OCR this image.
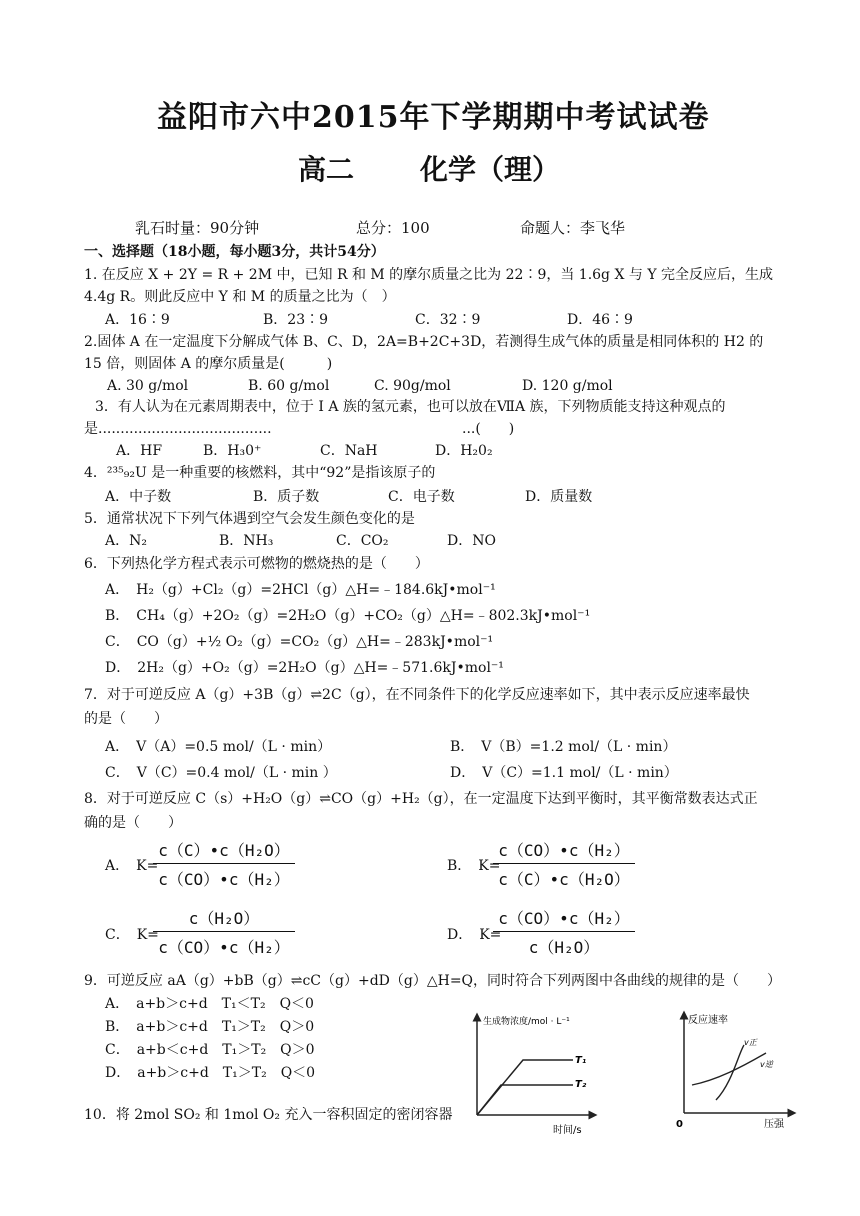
益阳市六中2015年下学期期中考试试卷
高二 化学（理）
乳石时量：90分钟	总分：100	命题人：李飞华
一、选择题（18小题，每小题3分，共计54分）
1. 在反应 X + 2Y = R + 2M 中，已知 R 和 M 的摩尔质量之比为 22∶9，当 1.6g X 与 Y 完全反应后，生成
4.4g R。则此反应中 Y 和 M 的质量之比为（　）
A．16∶9	B．23∶9	C．32∶9	D．46∶9
2.固体 A 在一定温度下分解成气体 B、C、D，2A=B+2C+3D，若测得生成气体的质量是相同体积的 H2 的
15 倍，则固体 A 的摩尔质量是(　　　)
A. 30 g/mol	B. 60 g/mol	C. 90g/mol	D. 120 g/mol
3．有人认为在元素周期表中，位于 I A 族的氢元素，也可以放在ⅦA 族，下列物质能支持这种观点的
是.......................................	...(　　)
A．HF	B．H₃0⁺	C．NaH	D．H₂0₂
4．²³⁵₉₂U 是一种重要的核燃料，其中“92”是指该原子的
A．中子数	B．质子数	C．电子数	D．质量数
5．通常状况下下列气体遇到空气会发生颜色变化的是
A．N₂	B．NH₃	C．CO₂	D．NO
6．下列热化学方程式表示可燃物的燃烧热的是（　　）
A．　H₂（g）+Cl₂（g）=2HCl（g）△H=﹣184.6kJ•mol⁻¹
B．　CH₄（g）+2O₂（g）=2H₂O（g）+CO₂（g）△H=﹣802.3kJ•mol⁻¹
C．　CO（g）+½ O₂（g）=CO₂（g）△H=﹣283kJ•mol⁻¹
D．　2H₂（g）+O₂（g）=2H₂O（g）△H=﹣571.6kJ•mol⁻¹
7．对于可逆反应 A（g）+3B（g）⇌2C（g），在不同条件下的化学反应速率如下，其中表示反应速率最快
的是（　　）
A．　V（A）=0.5 mol/（L · min）	B．　V（B）=1.2 mol/（L · min）
C．　V（C）=0.4 mol/（L · min ）	D．　V（C）=1.1 mol/（L · min）
8．对于可逆反应 C（s）+H₂O（g）⇌CO（g）+H₂（g），在一定温度下达到平衡时，其平衡常数表达式正
确的是（　　）
A．　K=
c（C）•c（H₂O）
c（CO）•c（H₂）
B．　K=
c（CO）•c（H₂）
c（C）•c（H₂O）
C．　K=
c（H₂O）
c（CO）•c（H₂）
D．　K=
c（CO）•c（H₂）
c（H₂O）
9．可逆反应 aA（g）+bB（g）⇌cC（g）+dD（g）△H=Q，同时符合下列两图中各曲线的规律的是（　　）
A．　a+b＞c+d　T₁＜T₂　Q＜0
B．　a+b＞c+d　T₁＞T₂　Q＞0
C．　a+b＜c+d　T₁＞T₂　Q＞0
D．　a+b＞c+d　T₁＞T₂　Q＜0
10．将 2mol SO₂ 和 1mol O₂ 充入一容积固定的密闭容器
生成物浓度/mol · L⁻¹
T₁
T₂
时间/s
反应速率
v正
v逆
0	压强
